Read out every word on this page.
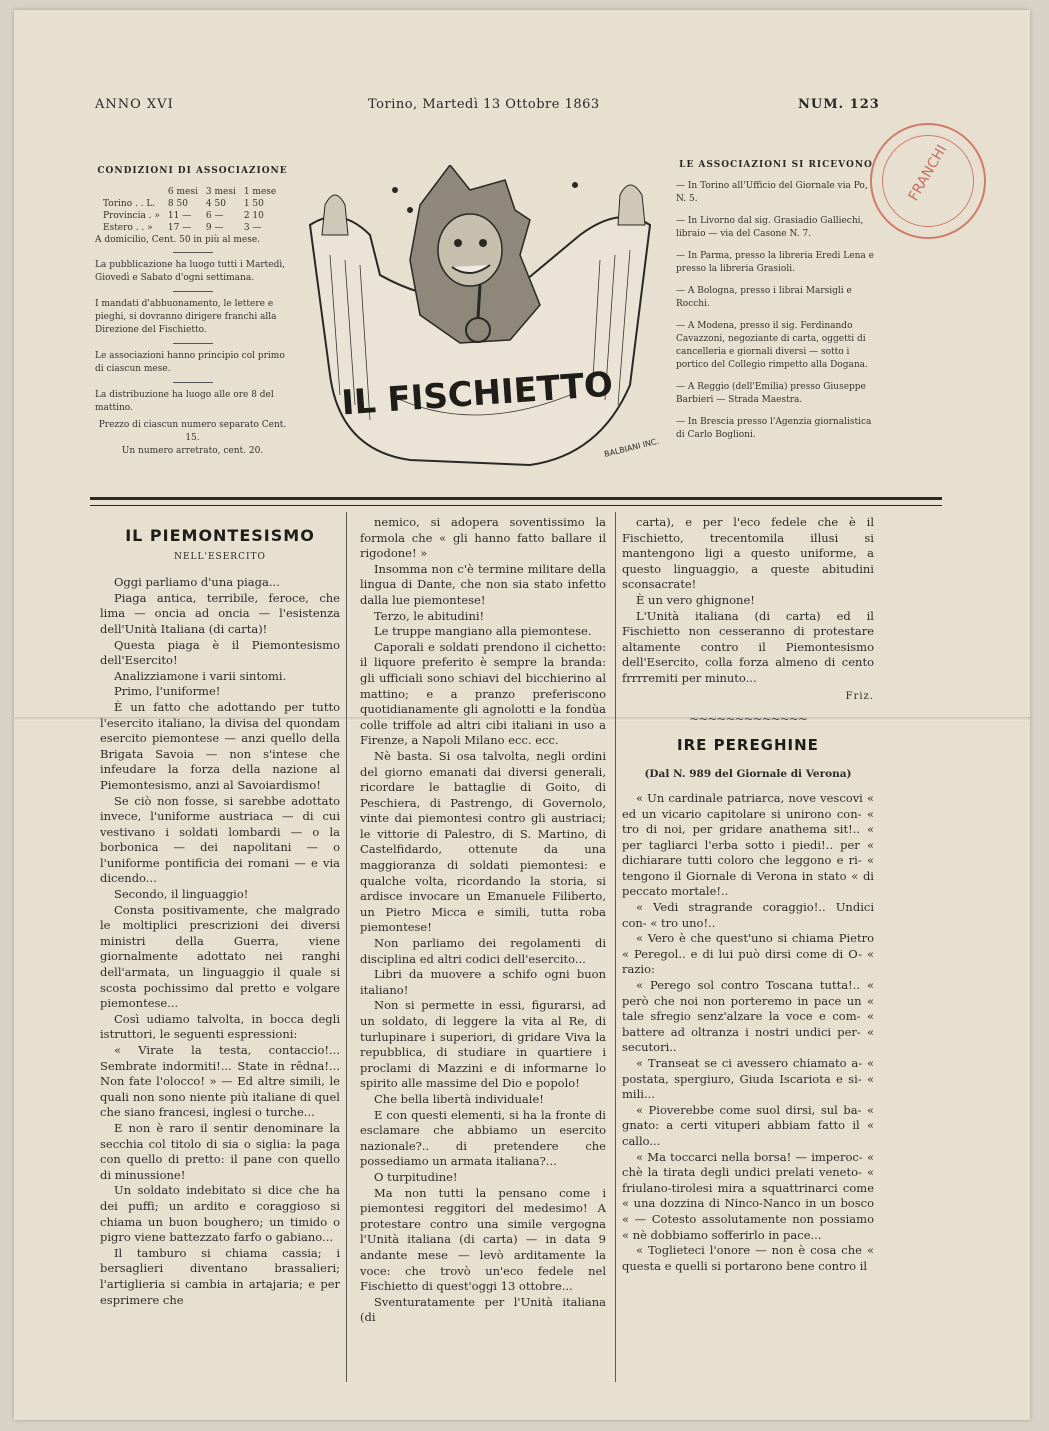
ANNO XVI	Torino, Martedì 13 Ottobre 1863	NUM. 123
CONDIZIONI DI ASSOCIAZIONE
	6 mesi	3 mesi	1 mese
Torino . . L.	8 50	4 50	1 50
Provincia . »	11 —	6 —	2 10
Estero . . »	17 —	9 —	3 —
A domicilio, Cent. 50 in più al mese.
La pubblicazione ha luogo tutti i Martedì, Giovedì e Sabato d'ogni settimana.
I mandati d'abbuonamento, le lettere e pieghi, si dovranno dirigere franchi alla Direzione del Fischietto.
Le associazioni hanno principio col primo di ciascun mese.
La distribuzione ha luogo alle ore 8 del mattino.
Prezzo di ciascun numero separato Cent. 15.
Un numero arretrato, cent. 20.
IL FISCHIETTO
BALBIANI INC.
LE ASSOCIAZIONI SI RICEVONO
— In Torino all'Ufficio del Giornale via Po, N. 5.
— In Livorno dal sig. Grasiadio Galliechi, libraio — via del Casone N. 7.
— In Parma, presso la libreria Eredi Lena e presso la libreria Grasioli.
— A Bologna, presso i librai Marsigli e Rocchi.
— A Modena, presso il sig. Ferdinando Cavazzoni, negoziante di carta, oggetti di cancelleria e giornali diversi — sotto i portico del Collegio rimpetto alla Dogana.
— A Reggio (dell'Emilia) presso Giuseppe Barbieri — Strada Maestra.
— In Brescia presso l'Agenzia giornalistica di Carlo Boglioni.
FRANCHI
IL PIEMONTESISMO
NELL'ESERCITO

Oggi parliamo d'una piaga...

Piaga antica, terribile, feroce, che lima — oncia ad oncia — l'esistenza dell'Unità Italiana (di carta)!

Questa piaga è il Piemontesismo dell'Esercito!

Analizziamone i varii sintomi.

Primo, l'uniforme!

È un fatto che adottando per tutto l'esercito italiano, la divisa del quondam esercito piemontese — anzi quello della Brigata Savoia — non s'intese che infeudare la forza della nazione al Piemontesismo, anzi al Savoiardismo!

Se ciò non fosse, si sarebbe adottato invece, l'uniforme austriaca — di cui vestivano i soldati lombardi — o la borbonica — dei napolitani — o l'uniforme pontificia dei romani — e via dicendo...

Secondo, il linguaggio!

Consta positivamente, che malgrado le moltiplici prescrizioni dei diversi ministri della Guerra, viene giornalmente adottato nei ranghi dell'armata, un linguaggio il quale si scosta pochissimo dal pretto e volgare piemontese...

Così udiamo talvolta, in bocca degli istruttori, le seguenti espressioni:

« Virate la testa, contaccio!... Sembrate indormiti!... State in rêdna!... Non fate l'olocco! » — Ed altre simili, le quali non sono niente più italiane di quel che siano francesi, inglesi o turche...

E non è raro il sentir denominare la secchia col titolo di sia o siglia: la paga con quello di pretto: il pane con quello di minussione!

Un soldato indebitato si dice che ha dei puffi; un ardito e coraggioso si chiama un buon boughero; un timido o pigro viene battezzato farfo o gabiano...

Il tamburo si chiama cassia; i bersaglieri diventano brassalieri; l'artiglieria si cambia in artajaria; e per esprimere che

nemico, si adopera soventissimo la formola che « gli hanno fatto ballare il rigodone! »

Insomma non c'è termine militare della lingua di Dante, che non sia stato infetto dalla lue piemontese!

Terzo, le abitudini!

Le truppe mangiano alla piemontese.

Caporali e soldati prendono il cichetto: il liquore preferito è sempre la branda: gli ufficiali sono schiavi del bicchierino al mattino; e a pranzo preferiscono quotidianamente gli agnolotti e la fondùa colle triffole ad altri cibi italiani in uso a Firenze, a Napoli Milano ecc. ecc.

Nè basta. Si osa talvolta, negli ordini del giorno emanati dai diversi generali, ricordare le battaglie di Goito, di Peschiera, di Pastrengo, di Governolo, vinte dai piemontesi contro gli austriaci; le vittorie di Palestro, di S. Martino, di Castelfidardo, ottenute da una maggioranza di soldati piemontesi: e qualche volta, ricordando la storia, si ardisce invocare un Emanuele Filiberto, un Pietro Micca e simili, tutta roba piemontese!

Non parliamo dei regolamenti di disciplina ed altri codici dell'esercito...

Libri da muovere a schifo ogni buon italiano!

Non si permette in essi, figurarsi, ad un soldato, di leggere la vita al Re, di turlupinare i superiori, di gridare Viva la repubblica, di studiare in quartiere i proclami di Mazzini e di informarne lo spirito alle massime del Dio e popolo!

Che bella libertà individuale!

E con questi elementi, si ha la fronte di esclamare che abbiamo un esercito nazionale?.. di pretendere che possediamo un armata italiana?...

O turpitudine!

Ma non tutti la pensano come i piemontesi reggitori del medesimo! A protestare contro una simile vergogna l'Unità italiana (di carta) — in data 9 andante mese — levò arditamente la voce: che trovò un'eco fedele nel Fischietto di quest'oggi 13 ottobre...

Sventuratamente per l'Unità italiana (di

carta), e per l'eco fedele che è il Fischietto, trecentomila illusi si mantengono ligi a questo uniforme, a questo linguaggio, a queste abitudini sconsacrate!

È un vero ghignone!

L'Unità italiana (di carta) ed il Fischietto non cesseranno di protestare altamente contro il Piemontesismo dell'Esercito, colla forza almeno di cento frrrremiti per minuto...

Friz.
~~~~~~~~~~~~~
IRE PEREGHINE
(Dal N. 989 del Giornale di Verona)

« Un cardinale patriarca, nove vescovi « ed un vicario capitolare si unirono con- « tro di noi, per gridare anathema sit!.. « per tagliarci l'erba sotto i piedi!.. per « dichiarare tutti coloro che leggono e ri- « tengono il Giornale di Verona in stato « di peccato mortale!..

« Vedi stragrande coraggio!.. Undici con- « tro uno!..

« Vero è che quest'uno si chiama Pietro « Peregol.. e di lui può dirsi come di O- « razio:

« Perego sol contro Toscana tutta!.. « però che noi non porteremo in pace un « tale sfregio senz'alzare la voce e com- « battere ad oltranza i nostri undici per- « secutori..

« Transeat se ci avessero chiamato a- « postata, spergiuro, Giuda Iscariota e si- « mili...

« Pioverebbe come suol dirsi, sul ba- « gnato: a certi vituperi abbiam fatto il « callo...

« Ma toccarci nella borsa! — imperoc- « chè la tirata degli undici prelati veneto- « friulano-tirolesi mira a squattrinarci come « una dozzina di Ninco-Nanco in un bosco « — Cotesto assolutamente non possiamo « nè dobbiamo sofferirlo in pace...

« Toglieteci l'onore — non è cosa che « questa e quelli si portarono bene contro il
